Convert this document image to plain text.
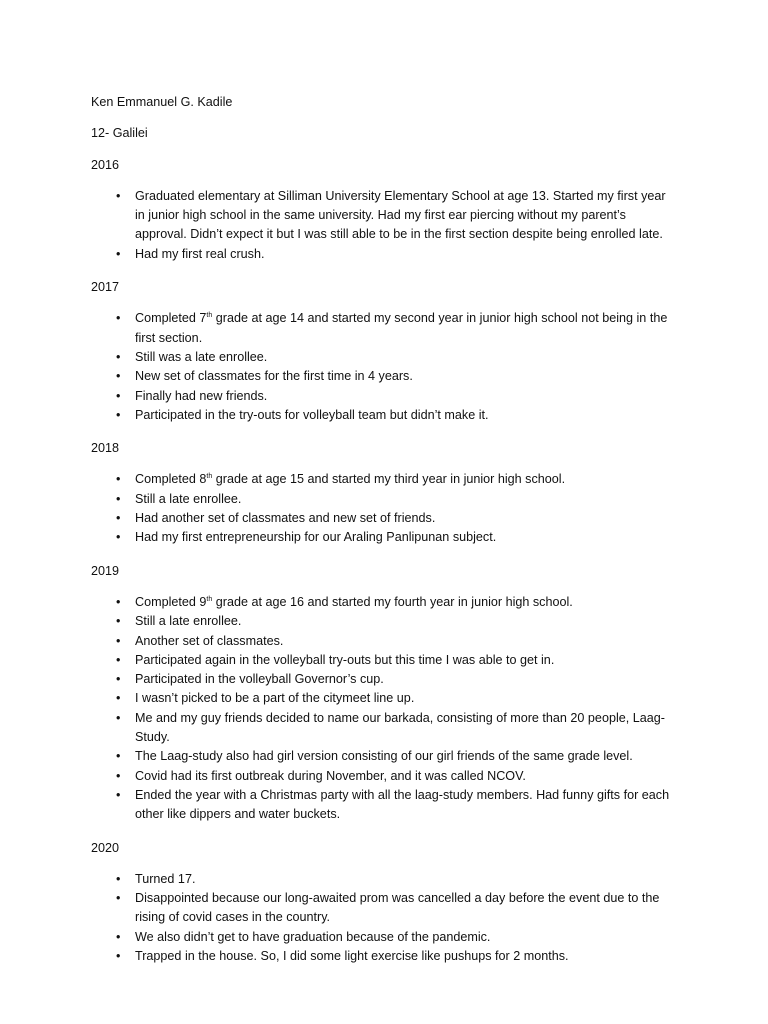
Ken Emmanuel G. Kadile

12- Galilei

2016

• Graduated elementary at Silliman University Elementary School at age 13. Started my first year
in junior high school in the same university. Had my first ear piercing without my parent’s
approval. Didn’t expect it but I was still able to be in the first section despite being enrolled late.
• Had my first real crush.

2017

• Completed 7th grade at age 14 and started my second year in junior high school not being in the
first section.
• Still was a late enrollee.
• New set of classmates for the first time in 4 years.
• Finally had new friends.
• Participated in the try-outs for volleyball team but didn’t make it.

2018

• Completed 8th grade at age 15 and started my third year in junior high school.
• Still a late enrollee.
• Had another set of classmates and new set of friends.
• Had my first entrepreneurship for our Araling Panlipunan subject.

2019

• Completed 9th grade at age 16 and started my fourth year in junior high school.
• Still a late enrollee.
• Another set of classmates.
• Participated again in the volleyball try-outs but this time I was able to get in.
• Participated in the volleyball Governor’s cup.
• I wasn’t picked to be a part of the citymeet line up.
• Me and my guy friends decided to name our barkada, consisting of more than 20 people, Laag-
Study.
• The Laag-study also had girl version consisting of our girl friends of the same grade level.
• Covid had its first outbreak during November, and it was called NCOV.
• Ended the year with a Christmas party with all the laag-study members. Had funny gifts for each
other like dippers and water buckets.

2020

• Turned 17.
• Disappointed because our long-awaited prom was cancelled a day before the event due to the
rising of covid cases in the country.
• We also didn’t get to have graduation because of the pandemic.
• Trapped in the house. So, I did some light exercise like pushups for 2 months.
